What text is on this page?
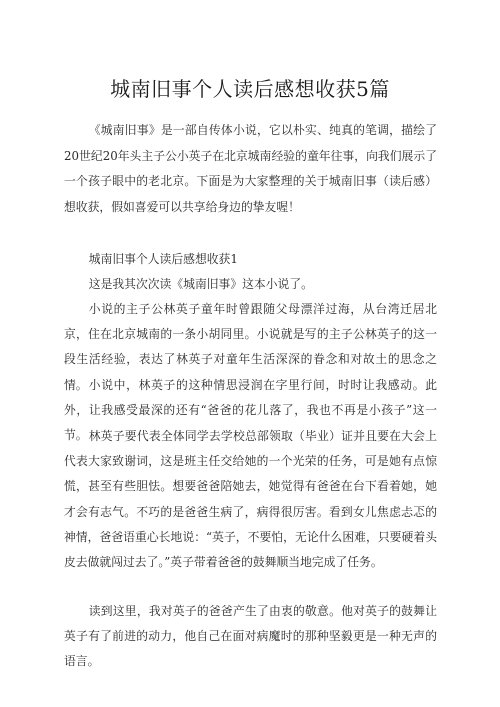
城南旧事个人读后感想收获5篇

《城南旧事》是一部自传体小说，它以朴实、纯真的笔调，描绘了20世纪20年头主子公小英子在北京城南经验的童年往事，向我们展示了一个孩子眼中的老北京。下面是为大家整理的关于城南旧事（读后感）想收获，假如喜爱可以共享给身边的挚友喔！

城南旧事个人读后感想收获1

这是我其次次读《城南旧事》这本小说了。

小说的主子公林英子童年时曾跟随父母漂洋过海，从台湾迁居北京，住在北京城南的一条小胡同里。小说就是写的主子公林英子的这一段生活经验，表达了林英子对童年生活深深的眷念和对故土的思念之情。 小说中，林英子的这种情思浸润在字里行间，时时让我感动。此外，让我感受最深的还有“爸爸的花儿落了，我也不再是小孩子”这一节。 林英子要代表全体同学去学校总部领取（毕业）证并且要在大会上代表大家致谢词，这是班主任交给她的一个光荣的任务，可是她有点惊慌，甚至有些胆怯。想要爸爸陪她去，她觉得有爸爸在台下看着她，她才会有志气。不巧的是爸爸生病了，病得很厉害。看到女儿焦虑忐忑的神情，爸爸语重心长地说：“英子，不要怕，无论什么困难，只要硬着头皮去做就闯过去了。”英子带着爸爸的鼓舞顺当地完成了任务。

读到这里，我对英子的爸爸产生了由衷的敬意。他对英子的鼓舞让英子有了前进的动力，他自己在面对病魔时的那种坚毅更是一种无声的语言。
